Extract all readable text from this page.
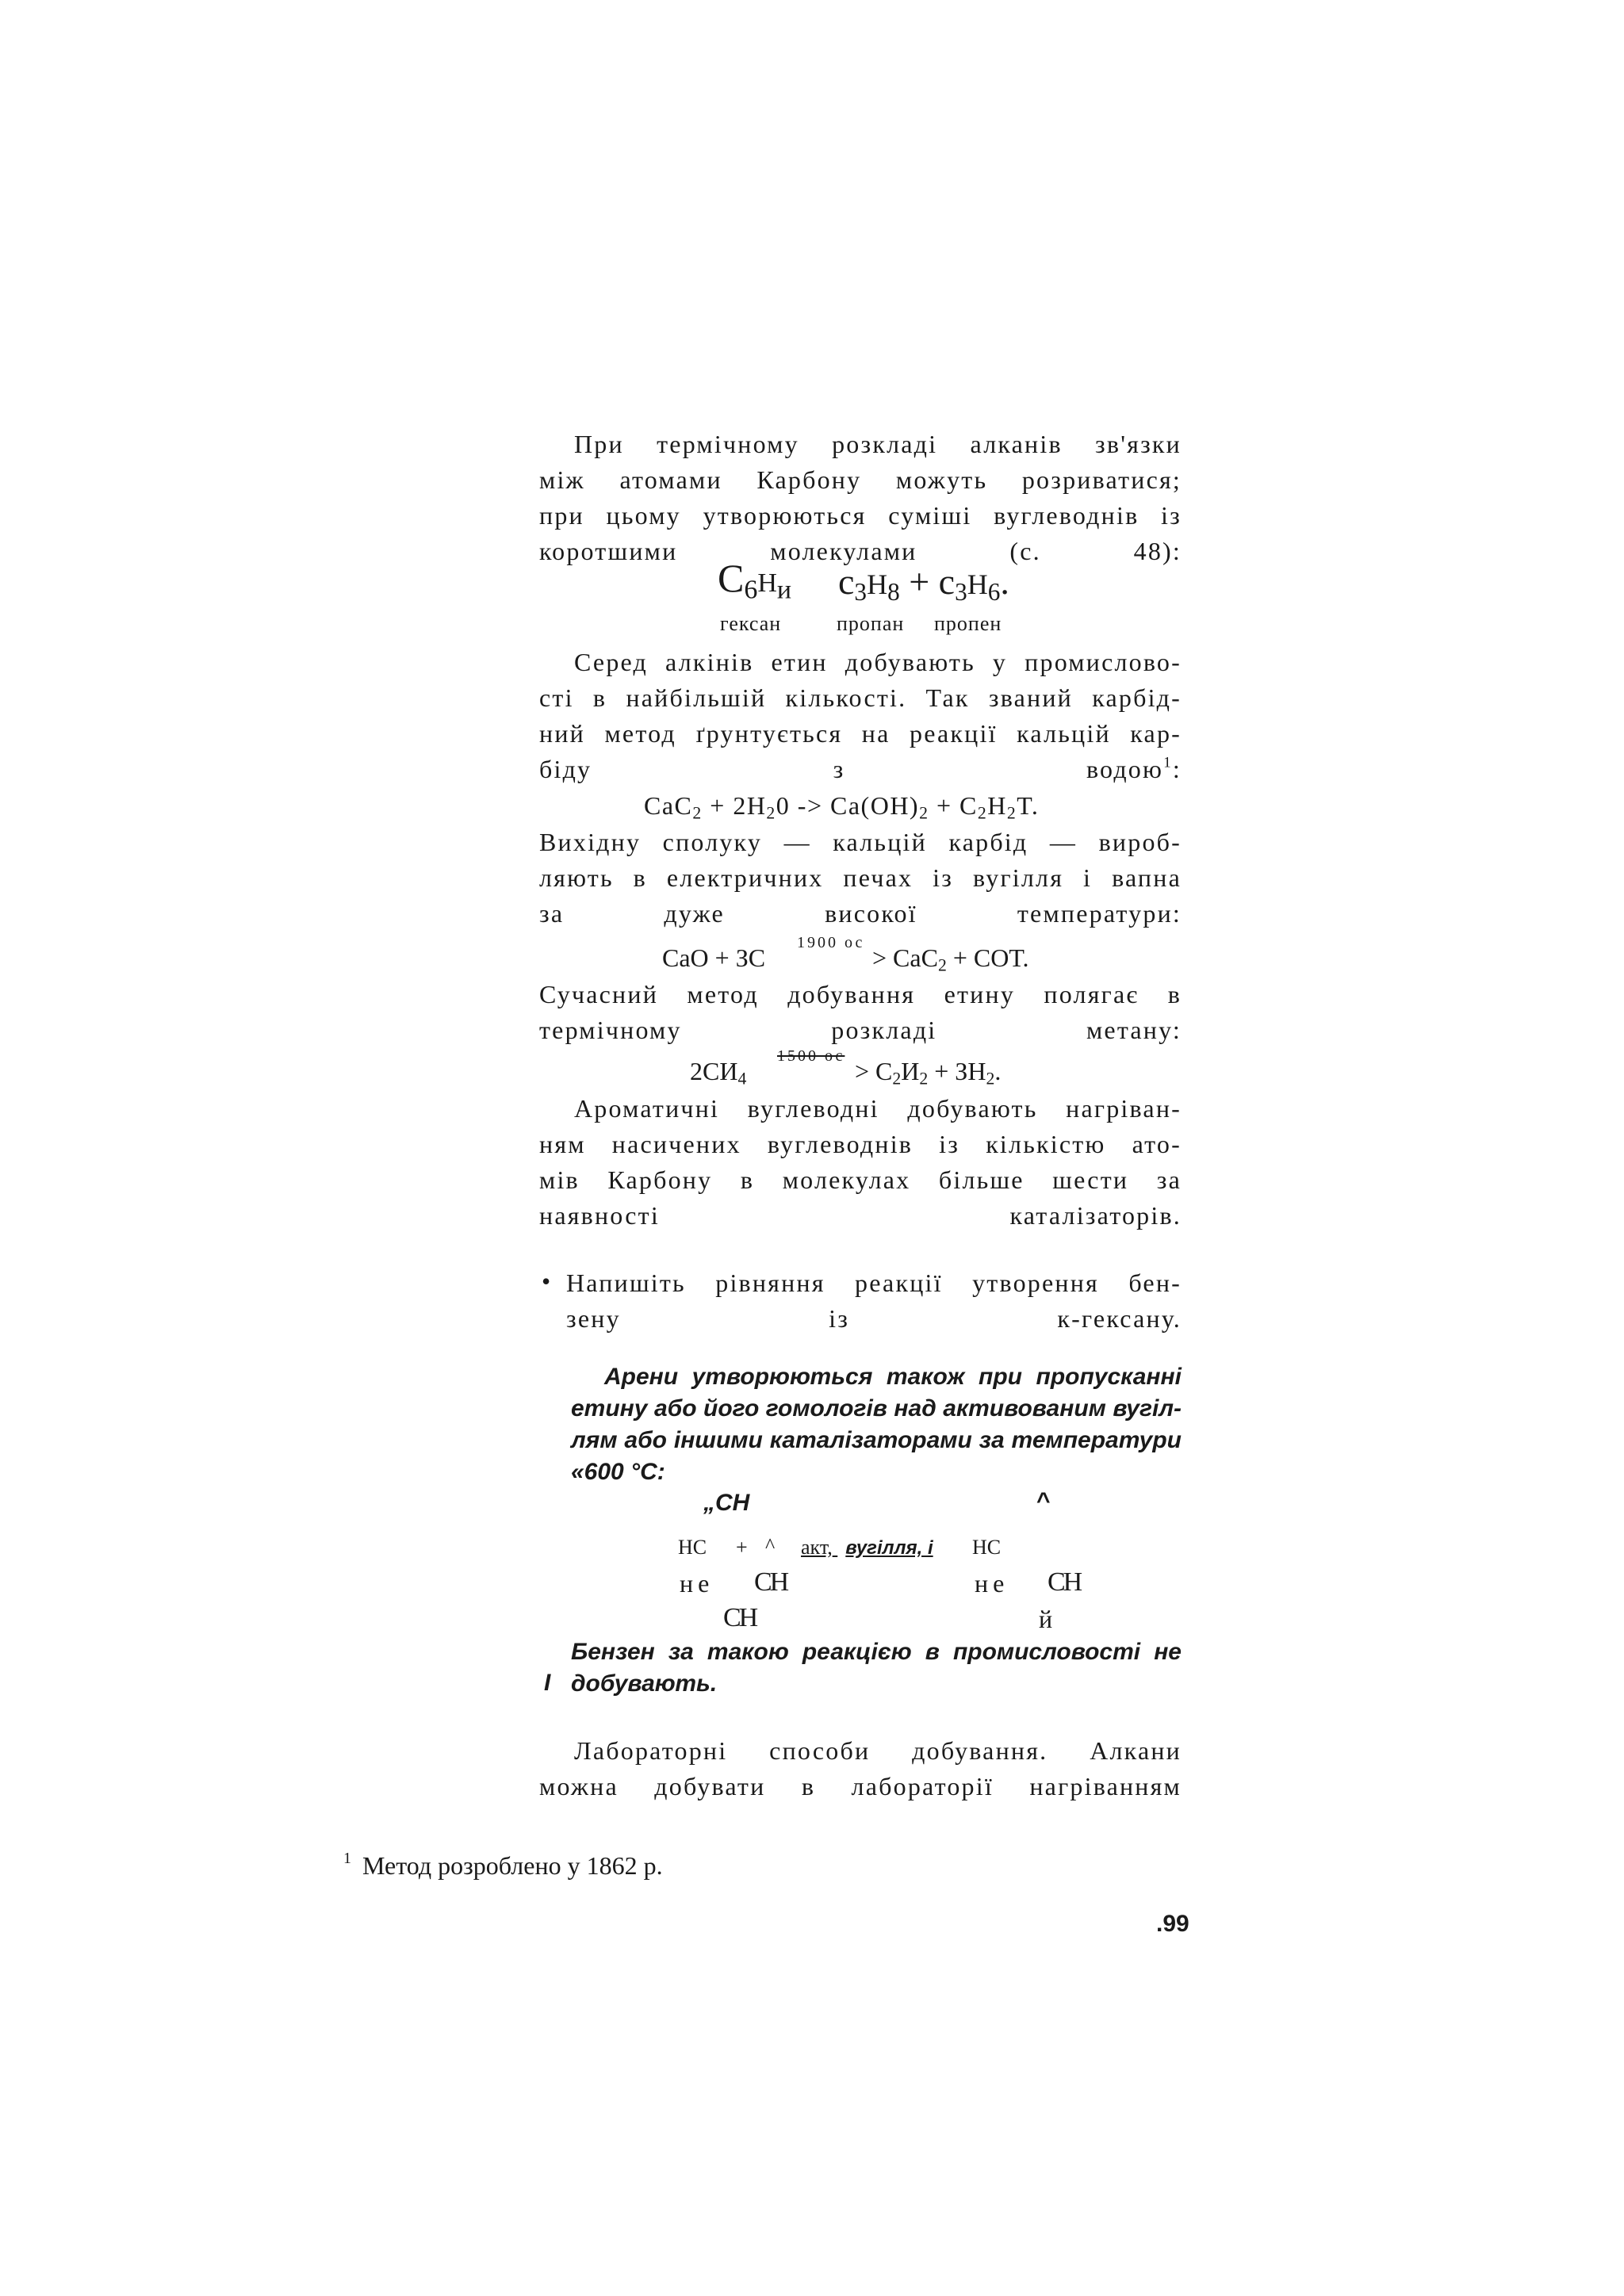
При термічному розкладі алканів зв'язки
між атомами Карбону можуть розриватися;
при цьому утворюються суміші вуглеводнів із
коротшими молекулами (с. 48):
$C_6H_и$ $c_3H_8 + c_3H_6$.
гексан	пропан пропен
Серед алкінів етин добувають у промислово-
сті в найбільшій кількості. Так званий карбід-
ний метод ґрунтується на реакції кальцій кар-
біду з водою$^1$:
$CaC_2 + 2H_20 -> Ca(OH)_2 + C_2H_2T$.
Вихідну сполуку — кальцій карбід — вироб-
ляють в електричних печах із вугілля і вапна
за дуже високої температури:
CaO + ЗС
1900 ос
> CaC$_2$ + COT.
Сучасний метод добування етину полягає в
термічному розкладі метану:
$2СИ_4$
1500 ос
> $C_2И_2 + ЗН_2$.
Ароматичні вуглеводні добувають нагріван-
ням насичених вуглеводнів із кількістю ато-
мів Карбону в молекулах більше шести за
наявності каталізаторів.
• Напишіть рівняння реакції утворення бен-
зену із к-гексану.
Арени утворюються також при пропусканні
етину або його гомологів над активованим вугіл-
лям або іншими каталізаторами за температури
«600 °C:
„CH	^
HC + ^ акт, вугілля, і HC
не CH	не CH
CH	й
Бензен за такою реакцією в промисловості не
добувають.
I
Лабораторні способи добування. Алкани
можна добувати в лабораторії нагріванням
$^1$ Метод розроблено у 1862 р.
.99
